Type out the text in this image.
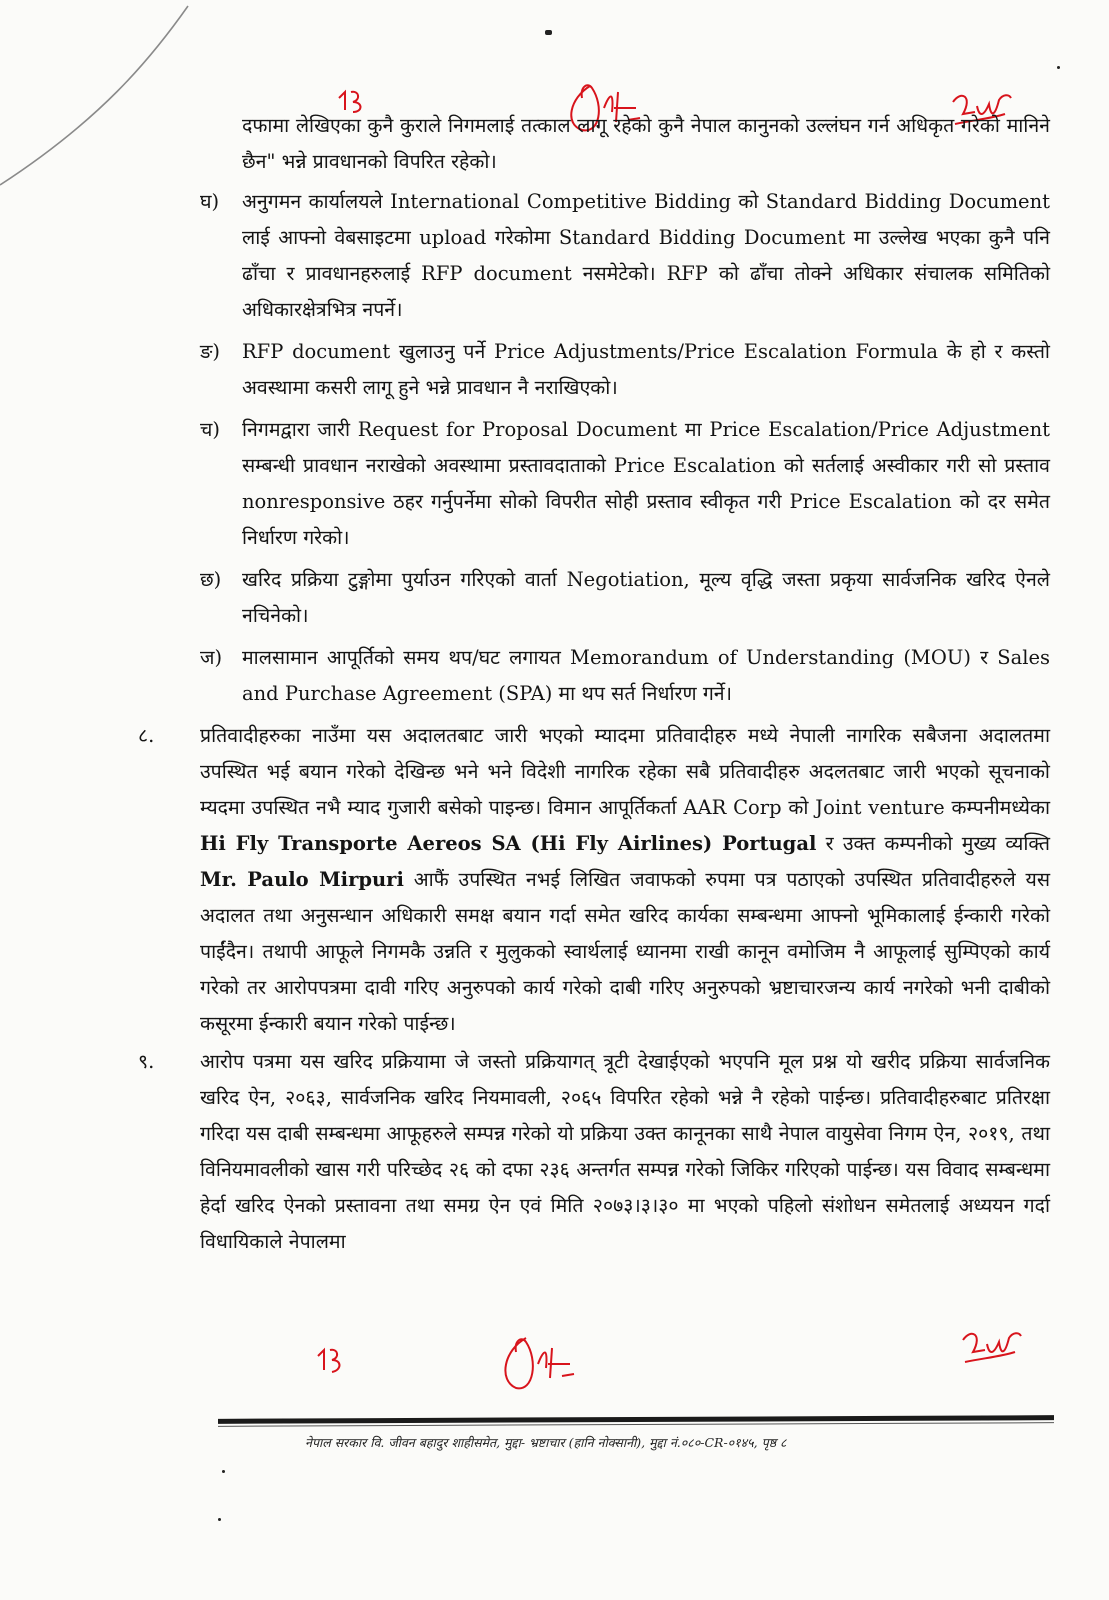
दफामा लेखिएका कुनै कुराले निगमलाई तत्काल लागू रहेको कुनै नेपाल कानुनको उल्लंघन गर्न अधिकृत गरेको मानिने छैन" भन्ने प्रावधानको विपरित रहेको।

घ) अनुगमन कार्यालयले International Competitive Bidding को Standard Bidding Document लाई आफ्नो वेबसाइटमा upload गरेकोमा Standard Bidding Document मा उल्लेख भएका कुनै पनि ढाँचा र प्रावधानहरुलाई RFP document नसमेटेको। RFP को ढाँचा तोक्ने अधिकार संचालक समितिको अधिकारक्षेत्रभित्र नपर्ने।
ङ) RFP document खुलाउनु पर्ने Price Adjustments/Price Escalation Formula के हो र कस्तो अवस्थामा कसरी लागू हुने भन्ने प्रावधान नै नराखिएको।
च) निगमद्वारा जारी Request for Proposal Document मा Price Escalation/Price Adjustment सम्बन्धी प्रावधान नराखेको अवस्थामा प्रस्तावदाताको Price Escalation को सर्तलाई अस्वीकार गरी सो प्रस्ताव nonresponsive ठहर गर्नुपर्नेमा सोको विपरीत सोही प्रस्ताव स्वीकृत गरी Price Escalation को दर समेत निर्धारण गरेको।
छ) खरिद प्रक्रिया टुङ्गोमा पुर्याउन गरिएको वार्ता Negotiation, मूल्य वृद्धि जस्ता प्रकृया सार्वजनिक खरिद ऐनले नचिनेको।
ज) मालसामान आपूर्तिको समय थप/घट लगायत Memorandum of Understanding (MOU) र Sales and Purchase Agreement (SPA) मा थप सर्त निर्धारण गर्ने।
८. प्रतिवादीहरुका नाउँमा यस अदालतबाट जारी भएको म्यादमा प्रतिवादीहरु मध्ये नेपाली नागरिक सबैजना अदालतमा उपस्थित भई बयान गरेको देखिन्छ भने भने विदेशी नागरिक रहेका सबै प्रतिवादीहरु अदलतबाट जारी भएको सूचनाको म्यदमा उपस्थित नभै म्याद गुजारी बसेको पाइन्छ। विमान आपूर्तिकर्ता AAR Corp को Joint venture कम्पनीमध्येका Hi Fly Transporte Aereos SA (Hi Fly Airlines) Portugal र उक्त कम्पनीको मुख्य व्यक्ति Mr. Paulo Mirpuri आफैं उपस्थित नभई लिखित जवाफको रुपमा पत्र पठाएको उपस्थित प्रतिवादीहरुले यस अदालत तथा अनुसन्धान अधिकारी समक्ष बयान गर्दा समेत खरिद कार्यका सम्बन्धमा आफ्नो भूमिकालाई ईन्कारी गरेको पाईंदैन। तथापी आफूले निगमकै उन्नति र मुलुकको स्वार्थलाई ध्यानमा राखी कानून वमोजिम नै आफूलाई सुम्पिएको कार्य गरेको तर आरोपपत्रमा दावी गरिए अनुरुपको कार्य गरेको दाबी गरिए अनुरुपको भ्रष्टाचारजन्य कार्य नगरेको भनी दाबीको कसूरमा ईन्कारी बयान गरेको पाईन्छ।
९. आरोप पत्रमा यस खरिद प्रक्रियामा जे जस्तो प्रक्रियागत् त्रूटी देखाईएको भएपनि मूल प्रश्न यो खरीद प्रक्रिया सार्वजनिक खरिद ऐन, २०६३, सार्वजनिक खरिद नियमावली, २०६५ विपरित रहेको भन्ने नै रहेको पाईन्छ। प्रतिवादीहरुबाट प्रतिरक्षा गरिदा यस दाबी सम्बन्धमा आफूहरुले सम्पन्न गरेको यो प्रक्रिया उक्त कानूनका साथै नेपाल वायुसेवा निगम ऐन, २०१९, तथा विनियमावलीको खास गरी परिच्छेद २६ को दफा २३६ अन्तर्गत सम्पन्न गरेको जिकिर गरिएको पाईन्छ। यस विवाद सम्बन्धमा हेर्दा खरिद ऐनको प्रस्तावना तथा समग्र ऐन एवं मिति २०७३।३।३० मा भएको पहिलो संशोधन समेतलाई अध्ययन गर्दा विधायिकाले नेपालमा
नेपाल सरकार वि. जीवन बहादुर शाहीसमेत, मुद्दा- भ्रष्टाचार (हानि नोक्सानी), मुद्दा नं.०८०-CR-०१४५, पृष्ठ ८
